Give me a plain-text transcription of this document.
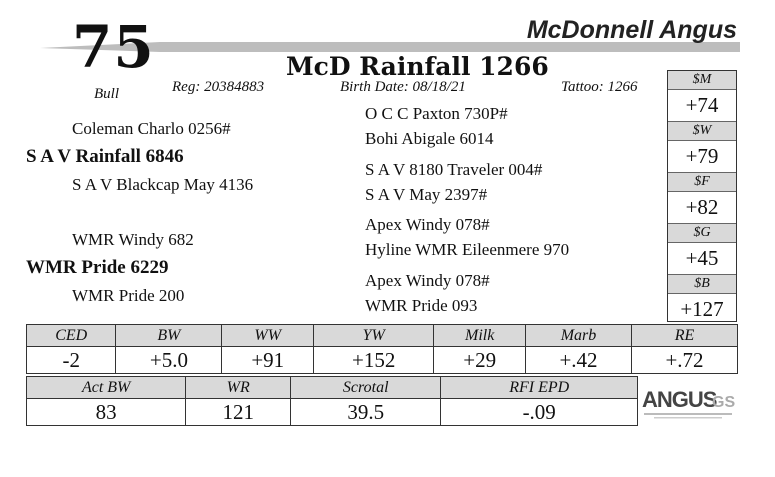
75
Bull
McDonnell Angus
McD Rainfall 1266
Reg: 20384883	Birth Date: 08/18/21	Tattoo: 1266
Coleman Charlo 0256#
S A V Rainfall 6846
S A V Blackcap May 4136
WMR Windy 682
WMR Pride 6229
WMR Pride 200
O C C Paxton 730P#
Bohi Abigale 6014
S A V 8180 Traveler 004#
S A V May 2397#
Apex Windy 078#
Hyline WMR Eileenmere 970
Apex Windy 078#
WMR Pride 093
$M
+74
$W
+79
$F
+82
$G
+45
$B
+127
CED	BW	WW	YW	Milk	Marb	RE
-2	+5.0	+91	+152	+29	+.42	+.72
Act BW	WR	Scrotal	RFI EPD
83	121	39.5	-.09	ANGUS
GS
